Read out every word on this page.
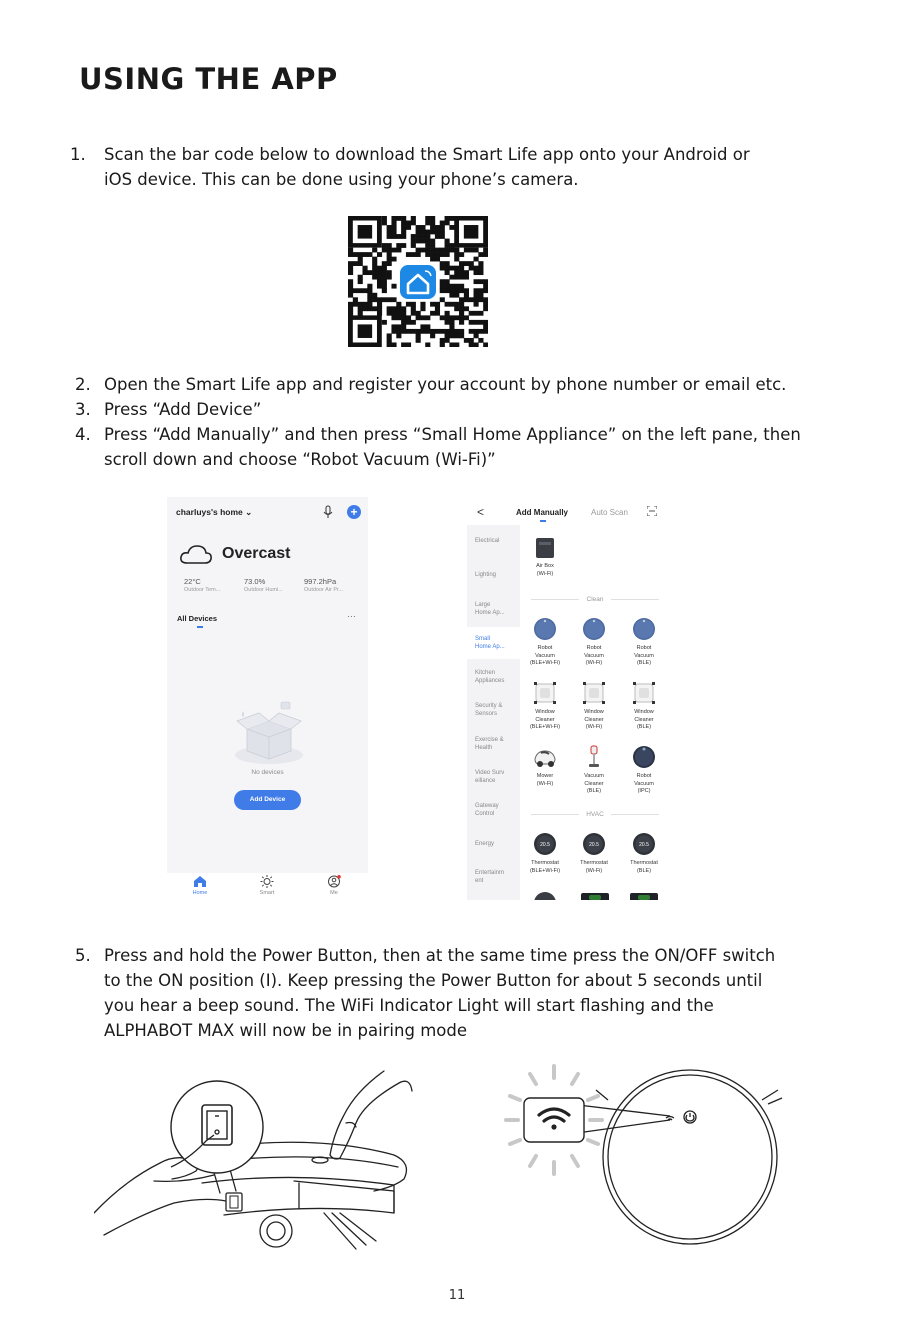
USING THE APP
1. Scan the bar code below to download the Smart Life app onto your Android or
iOS device. This can be done using your phone’s camera.
2. Open the Smart Life app and register your account by phone number or email etc.
3. Press “Add Device”
4. Press “Add Manually” and then press “Small Home Appliance” on the left pane, then
scroll down and choose “Robot Vacuum (Wi-Fi)”
charluys's home ⌄	+
Overcast
22°C
Outdoor Tem...
73.0%
Outdoor Humi...
997.2hPa
Outdoor Air Pr...
All Devices	···
No devices
Add Device
Home	Smart	Me
<	Add Manually	Auto Scan
Electrical
Lighting
Large
Home Ap...
Small
Home Ap...
Kitchen
Appliances
Security &
Sensors
Exercise &
Health
Video Surv
eillance
Gateway
Control
Energy
Entertainm
ent
Air Box
(Wi-Fi)
Clean
HVAC
Robot
Vacuum
(BLE+Wi-Fi)
Robot
Vacuum
(Wi-Fi)
Robot
Vacuum
(BLE)
Window
Cleaner
(BLE+Wi-Fi)
Window
Cleaner
(Wi-Fi)
Window
Cleaner
(BLE)
Mower
(Wi-Fi)
Vacuum
Cleaner
(BLE)
Robot
Vacuum
(IPC)
20.5
Thermostat
(BLE+Wi-Fi)
20.5
Thermostat
(Wi-Fi)
20.5
Thermostat
(BLE)
5. Press and hold the Power Button, then at the same time press the ON/OFF switch
to the ON position (I). Keep pressing the Power Button for about 5 seconds until
you hear a beep sound. The WiFi Indicator Light will start flashing and the
ALPHABOT MAX will now be in pairing mode
11
